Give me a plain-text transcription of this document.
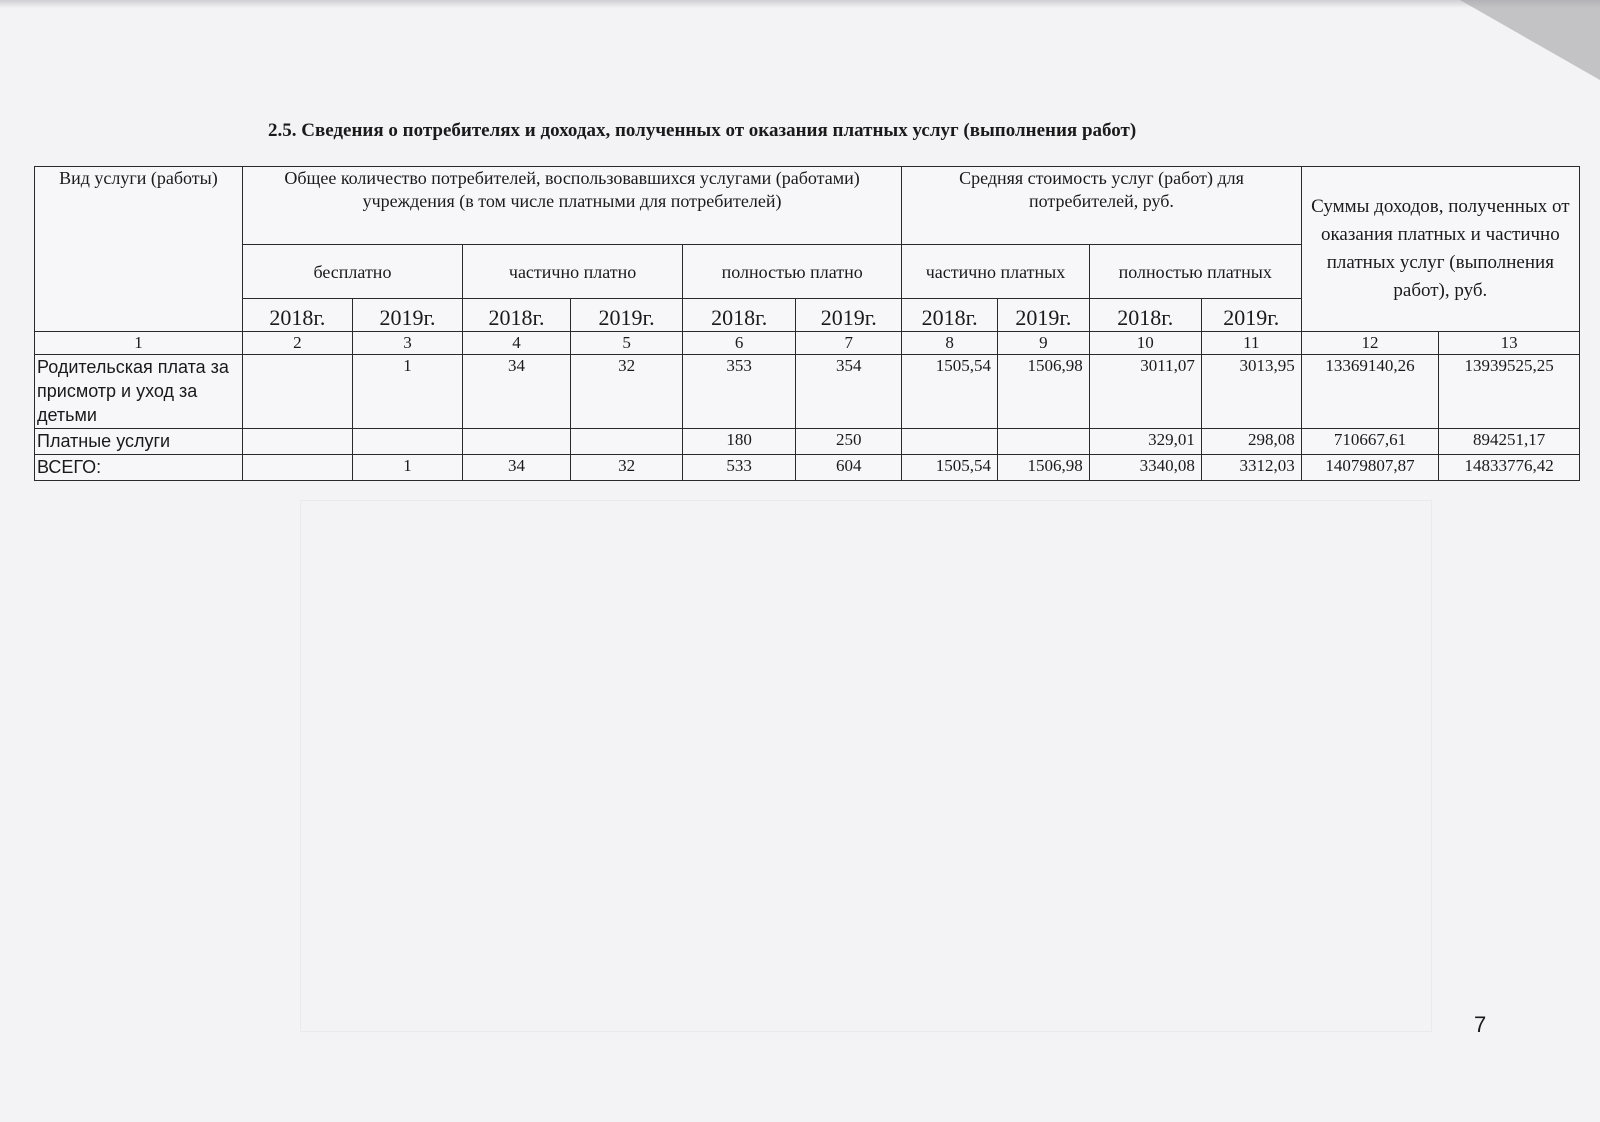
2.5. Сведения о потребителях и доходах, полученных от оказания платных услуг (выполнения работ)
Вид услуги (работы)	Общее количество потребителей, воспользовавшихся услугами (работами) учреждения (в том числе платными для потребителей)						Средняя стоимость услуг (работ) для потребителей, руб.				Суммы доходов, полученных от оказания платных и частично платных услуг (выполнения работ), руб.	
	бесплатно		частично платно		полностью платно		частично платных		полностью платных			
	2018г.	2019г.	2018г.	2019г.	2018г.	2019г.	2018г.	2019г.	2018г.	2019г.		
1	2	3	4	5	6	7	8	9	10	11	12	13
Родительская плата за присмотр и уход за детьми		1	34	32	353	354	1505,54	1506,98	3011,07	3013,95	13369140,26	13939525,25
Платные услуги					180	250			329,01	298,08	710667,61	894251,17
ВСЕГО:		1	34	32	533	604	1505,54	1506,98	3340,08	3312,03	14079807,87	14833776,42
7
